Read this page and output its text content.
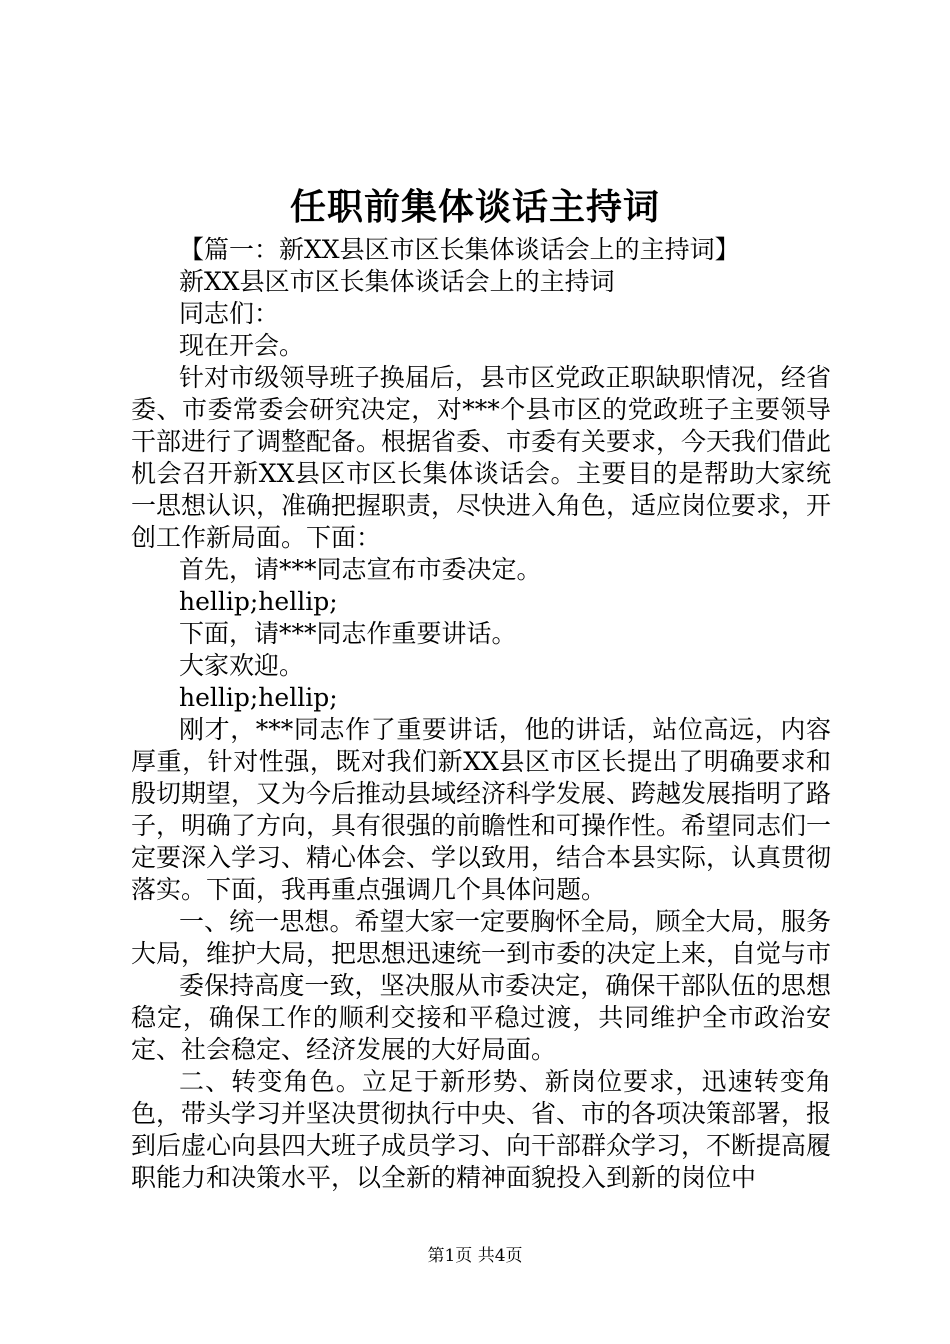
任职前集体谈话主持词

【篇一：新XX县区市区长集体谈话会上的主持词】

新XX县区市区长集体谈话会上的主持词

同志们：

现在开会。

针对市级领导班子换届后，县市区党政正职缺职情况，经省委、市委常委会研究决定，对***个县市区的党政班子主要领导干部进行了调整配备。根据省委、市委有关要求，今天我们借此机会召开新XX县区市区长集体谈话会。主要目的是帮助大家统一思想认识，准确把握职责，尽快进入角色，适应岗位要求，开创工作新局面。下面：

首先，请***同志宣布市委决定。

hellip;hellip;

下面，请***同志作重要讲话。

大家欢迎。

hellip;hellip;

刚才，***同志作了重要讲话，他的讲话，站位高远，内容厚重，针对性强，既对我们新XX县区市区长提出了明确要求和殷切期望，又为今后推动县域经济科学发展、跨越发展指明了路子，明确了方向，具有很强的前瞻性和可操作性。希望同志们一定要深入学习、精心体会、学以致用，结合本县实际，认真贯彻落实。下面，我再重点强调几个具体问题。

一、统一思想。希望大家一定要胸怀全局，顾全大局，服务大局，维护大局，把思想迅速统一到市委的决定上来，自觉与市

委保持高度一致，坚决服从市委决定，确保干部队伍的思想稳定，确保工作的顺利交接和平稳过渡，共同维护全市政治安定、社会稳定、经济发展的大好局面。

二、转变角色。立足于新形势、新岗位要求，迅速转变角色，带头学习并坚决贯彻执行中央、省、市的各项决策部署，报到后虚心向县四大班子成员学习、向干部群众学习，不断提高履职能力和决策水平，以全新的精神面貌投入到新的岗位中

第1页 共4页
